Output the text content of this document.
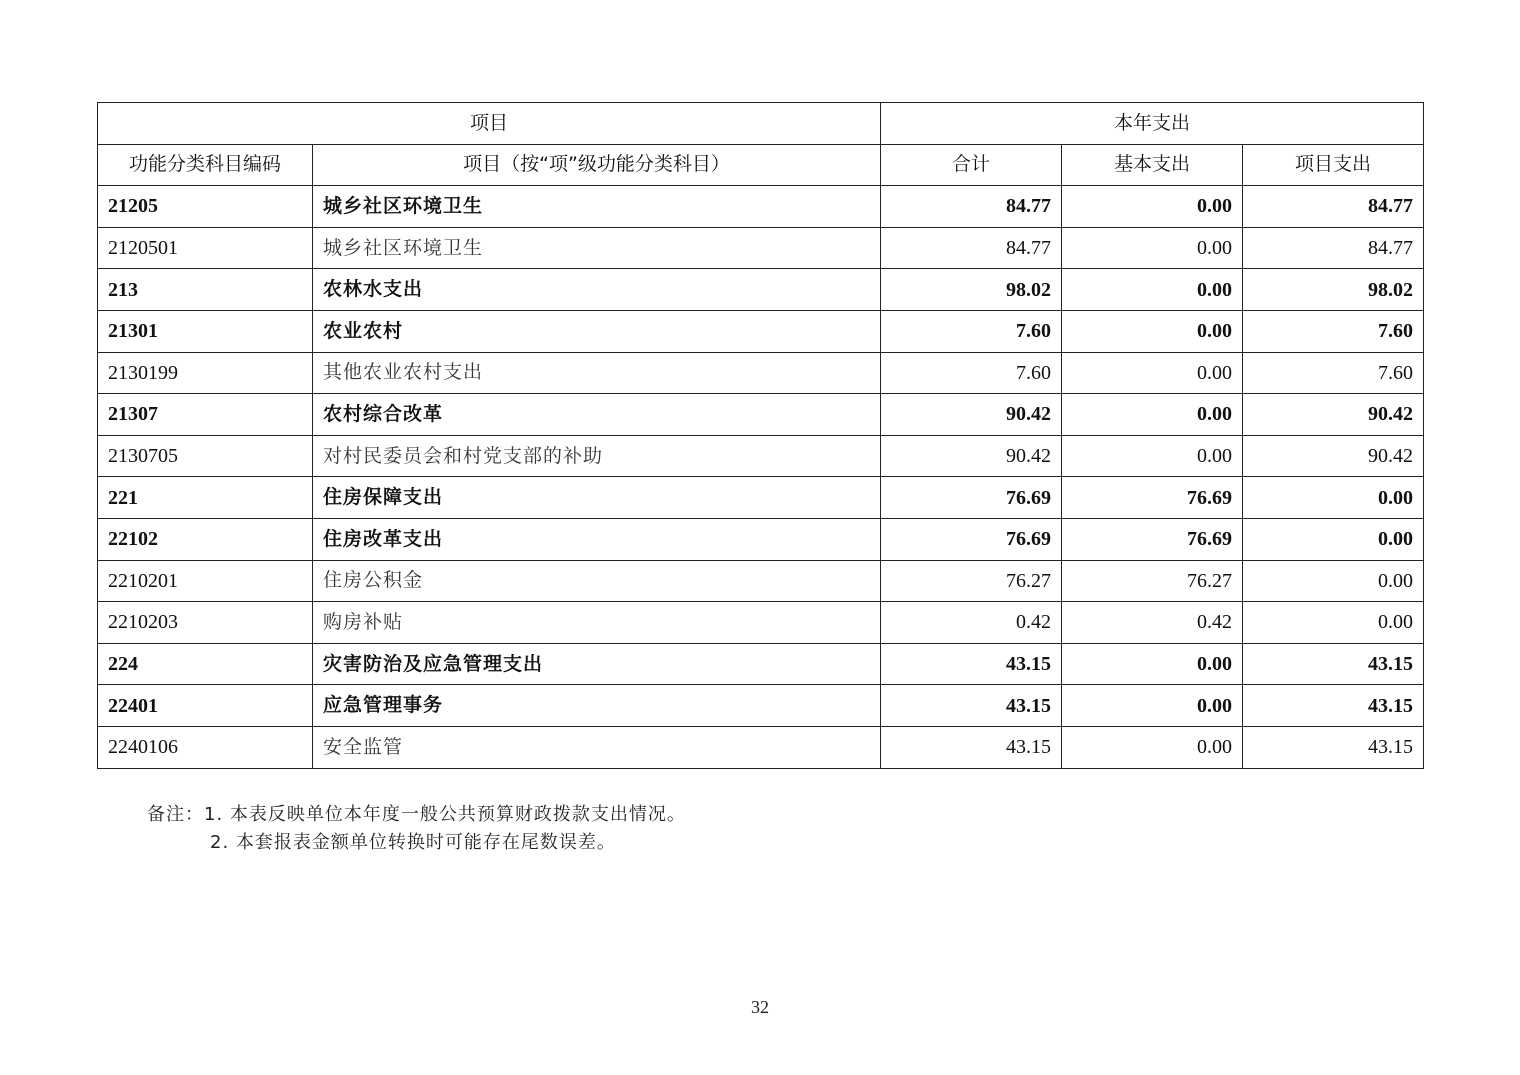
项目		本年支出		
功能分类科目编码	项目（按“项”级功能分类科目）	合计	基本支出	项目支出
21205	城乡社区环境卫生	84.77	0.00	84.77
2120501	城乡社区环境卫生	84.77	0.00	84.77
213	农林水支出	98.02	0.00	98.02
21301	农业农村	7.60	0.00	7.60
2130199	其他农业农村支出	7.60	0.00	7.60
21307	农村综合改革	90.42	0.00	90.42
2130705	对村民委员会和村党支部的补助	90.42	0.00	90.42
221	住房保障支出	76.69	76.69	0.00
22102	住房改革支出	76.69	76.69	0.00
2210201	住房公积金	76.27	76.27	0.00
2210203	购房补贴	0.42	0.42	0.00
224	灾害防治及应急管理支出	43.15	0.00	43.15
22401	应急管理事务	43.15	0.00	43.15
2240106	安全监管	43.15	0.00	43.15
备注：1. 本表反映单位本年度一般公共预算财政拨款支出情况。
2. 本套报表金额单位转换时可能存在尾数误差。
32
